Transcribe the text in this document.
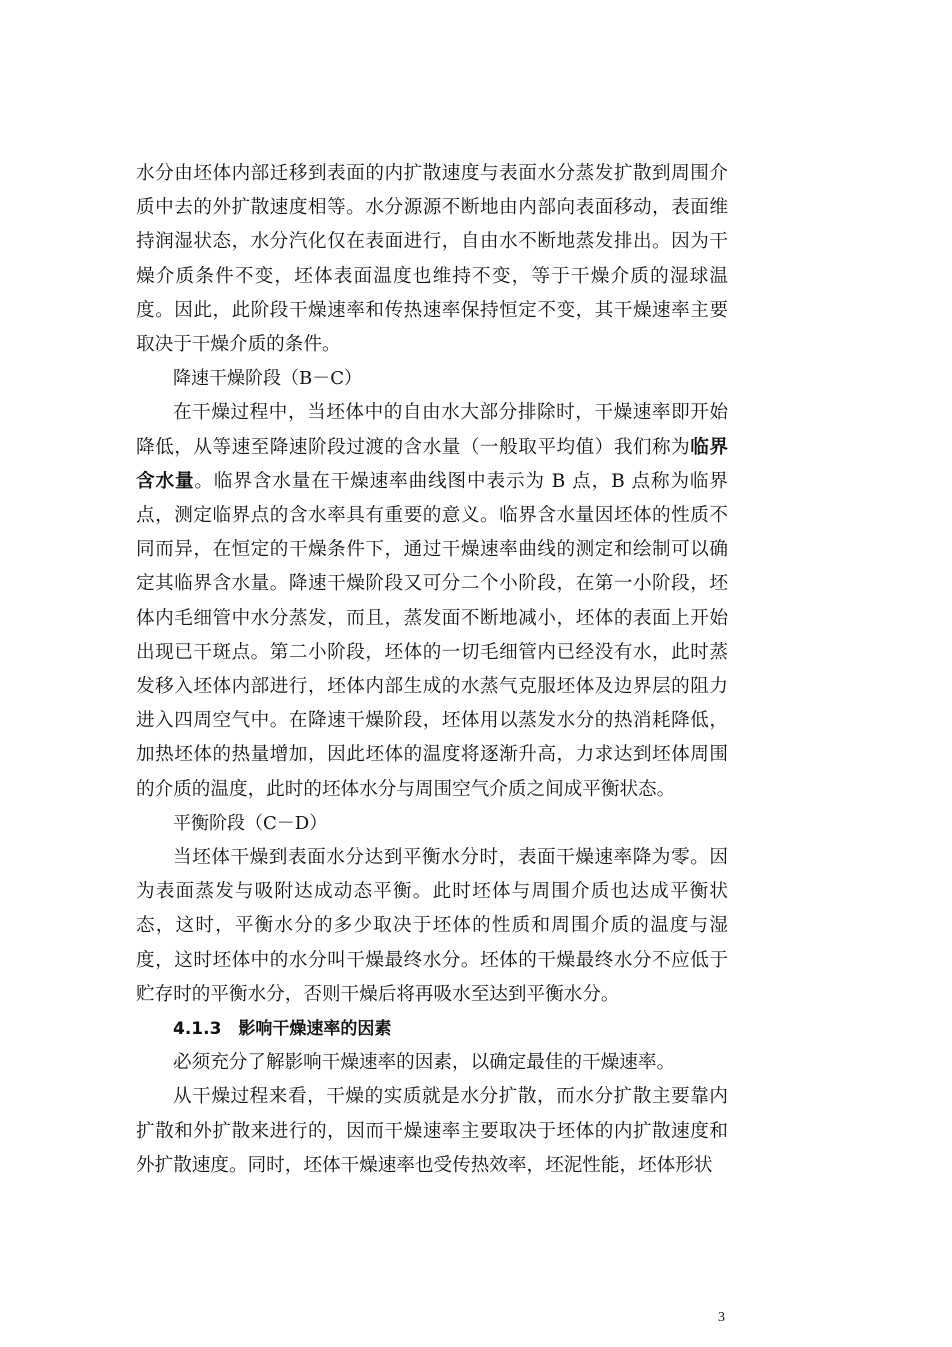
水分由坯体内部迁移到表面的内扩散速度与表面水分蒸发扩散到周围介质中去的外扩散速度相等。水分源源不断地由内部向表面移动，表面维持润湿状态，水分汽化仅在表面进行，自由水不断地蒸发排出。因为干燥介质条件不变，坯体表面温度也维持不变，等于干燥介质的湿球温度。因此，此阶段干燥速率和传热速率保持恒定不变，其干燥速率主要取决于干燥介质的条件。

降速干燥阶段（B－C）

在干燥过程中，当坯体中的自由水大部分排除时，干燥速率即开始降低，从等速至降速阶段过渡的含水量（一般取平均值）我们称为临界含水量。临界含水量在干燥速率曲线图中表示为 B 点，B 点称为临界点，测定临界点的含水率具有重要的意义。临界含水量因坯体的性质不同而异，在恒定的干燥条件下，通过干燥速率曲线的测定和绘制可以确定其临界含水量。降速干燥阶段又可分二个小阶段，在第一小阶段，坯体内毛细管中水分蒸发，而且，蒸发面不断地减小，坯体的表面上开始出现已干斑点。第二小阶段，坯体的一切毛细管内已经没有水，此时蒸发移入坯体内部进行，坯体内部生成的水蒸气克服坯体及边界层的阻力进入四周空气中。在降速干燥阶段，坯体用以蒸发水分的热消耗降低，加热坯体的热量增加，因此坯体的温度将逐渐升高，力求达到坯体周围的介质的温度，此时的坯体水分与周围空气介质之间成平衡状态。

平衡阶段（C－D）

当坯体干燥到表面水分达到平衡水分时，表面干燥速率降为零。因为表面蒸发与吸附达成动态平衡。此时坯体与周围介质也达成平衡状态，这时，平衡水分的多少取决于坯体的性质和周围介质的温度与湿度，这时坯体中的水分叫干燥最终水分。坯体的干燥最终水分不应低于贮存时的平衡水分，否则干燥后将再吸水至达到平衡水分。

4.1.3　影响干燥速率的因素

必须充分了解影响干燥速率的因素，以确定最佳的干燥速率。

从干燥过程来看，干燥的实质就是水分扩散，而水分扩散主要靠内扩散和外扩散来进行的，因而干燥速率主要取决于坯体的内扩散速度和外扩散速度。同时，坯体干燥速率也受传热效率，坯泥性能，坯体形状

3
